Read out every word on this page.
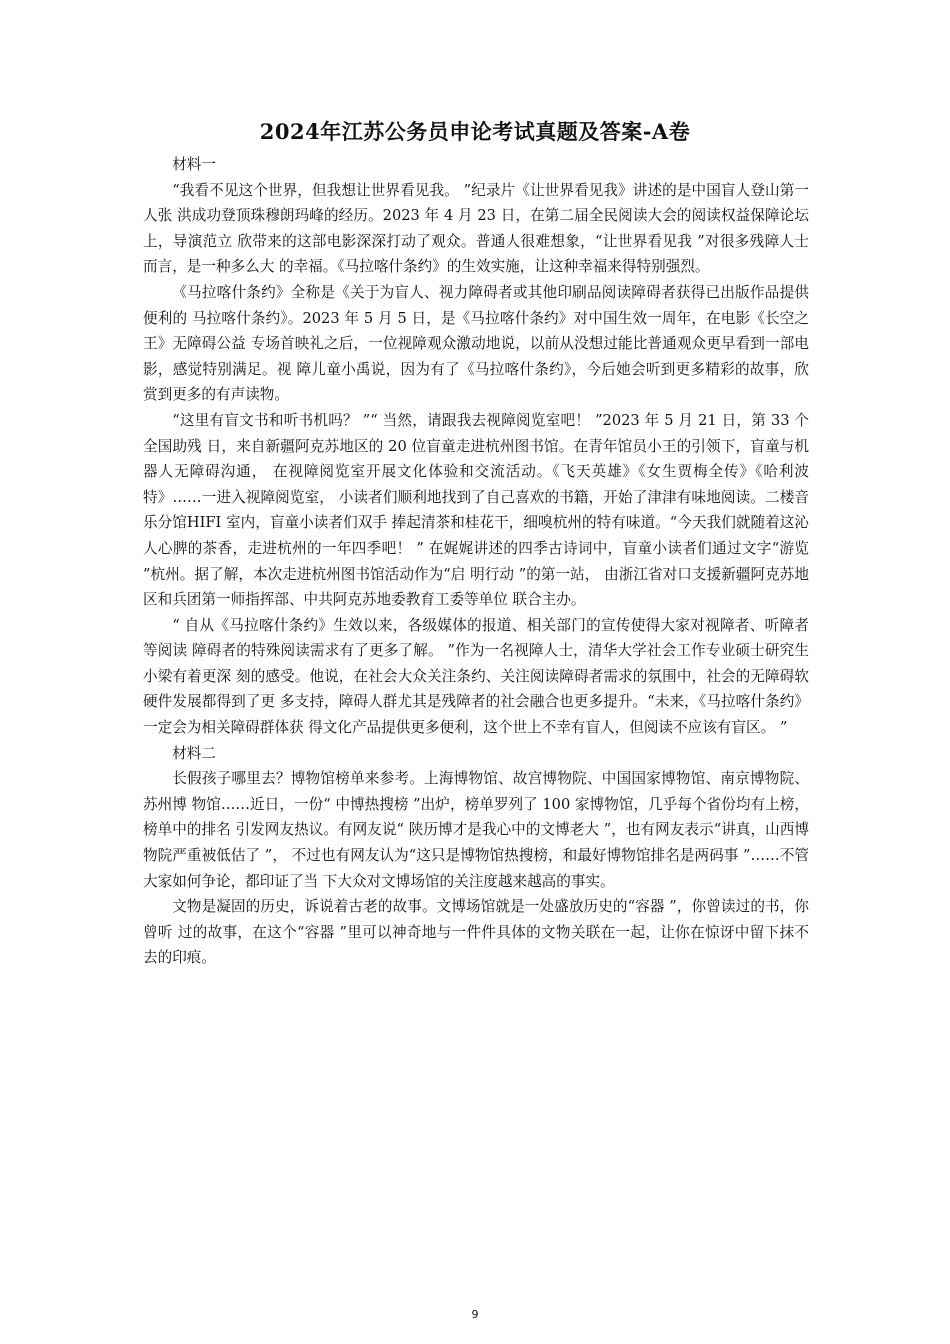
2024年江苏公务员申论考试真题及答案-A卷

材料一

“我看不见这个世界，但我想让世界看见我。 ”纪录片《让世界看见我》讲述的是中国盲人登山第一人张 洪成功登顶珠穆朗玛峰的经历。2023 年 4 月 23 日，在第二届全民阅读大会的阅读权益保障论坛上，导演范立 欣带来的这部电影深深打动了观众。普通人很难想象，“让世界看见我 ”对很多残障人士而言，是一种多么大 的幸福。《马拉喀什条约》的生效实施，让这种幸福来得特别强烈。

《马拉喀什条约》全称是《关于为盲人、视力障碍者或其他印刷品阅读障碍者获得已出版作品提供便利的 马拉喀什条约》。2023 年 5 月 5 日，是《马拉喀什条约》对中国生效一周年，在电影《长空之王》无障碍公益 专场首映礼之后，一位视障观众激动地说，以前从没想过能比普通观众更早看到一部电影，感觉特别满足。视 障儿童小禹说，因为有了《马拉喀什条约》，今后她会听到更多精彩的故事，欣赏到更多的有声读物。

“这里有盲文书和听书机吗？ ”“ 当然，请跟我去视障阅览室吧！ ”2023 年 5 月 21 日，第 33 个全国助残 日，来自新疆阿克苏地区的 20 位盲童走进杭州图书馆。在青年馆员小王的引领下，盲童与机器人无障碍沟通， 在视障阅览室开展文化体验和交流活动。《飞天英雄》《女生贾梅全传》《哈利波特》……一进入视障阅览室， 小读者们顺利地找到了自己喜欢的书籍，开始了津津有味地阅读。二楼音乐分馆HIFI 室内，盲童小读者们双手 捧起清茶和桂花干，细嗅杭州的特有味道。“今天我们就随着这沁人心脾的茶香，走进杭州的一年四季吧！ ” 在娓娓讲述的四季古诗词中，盲童小读者们通过文字“游览 ”杭州。据了解，本次走进杭州图书馆活动作为“启 明行动 ”的第一站， 由浙江省对口支援新疆阿克苏地区和兵团第一师指挥部、中共阿克苏地委教育工委等单位 联合主办。

“ 自从《马拉喀什条约》生效以来，各级媒体的报道、相关部门的宣传使得大家对视障者、听障者等阅读 障碍者的特殊阅读需求有了更多了解。 ”作为一名视障人士，清华大学社会工作专业硕士研究生小梁有着更深 刻的感受。他说，在社会大众关注条约、关注阅读障碍者需求的氛围中，社会的无障碍软硬件发展都得到了更 多支持，障碍人群尤其是残障者的社会融合也更多提升。“未来，《马拉喀什条约》一定会为相关障碍群体获 得文化产品提供更多便利，这个世上不幸有盲人，但阅读不应该有盲区。 ”

材料二

长假孩子哪里去？博物馆榜单来参考。上海博物馆、故宫博物院、中国国家博物馆、南京博物院、苏州博 物馆……近日，一份“ 中博热搜榜 ”出炉，榜单罗列了 100 家博物馆，几乎每个省份均有上榜，榜单中的排名 引发网友热议。有网友说“ 陕历博才是我心中的文博老大 ”，也有网友表示“讲真，山西博物院严重被低估了 ”， 不过也有网友认为“这只是博物馆热搜榜，和最好博物馆排名是两码事 ”……不管大家如何争论，都印证了当 下大众对文博场馆的关注度越来越高的事实。

文物是凝固的历史，诉说着古老的故事。文博场馆就是一处盛放历史的“容器 ”，你曾读过的书，你曾听 过的故事，在这个“容器 ”里可以神奇地与一件件具体的文物关联在一起，让你在惊讶中留下抹不去的印痕。

9
